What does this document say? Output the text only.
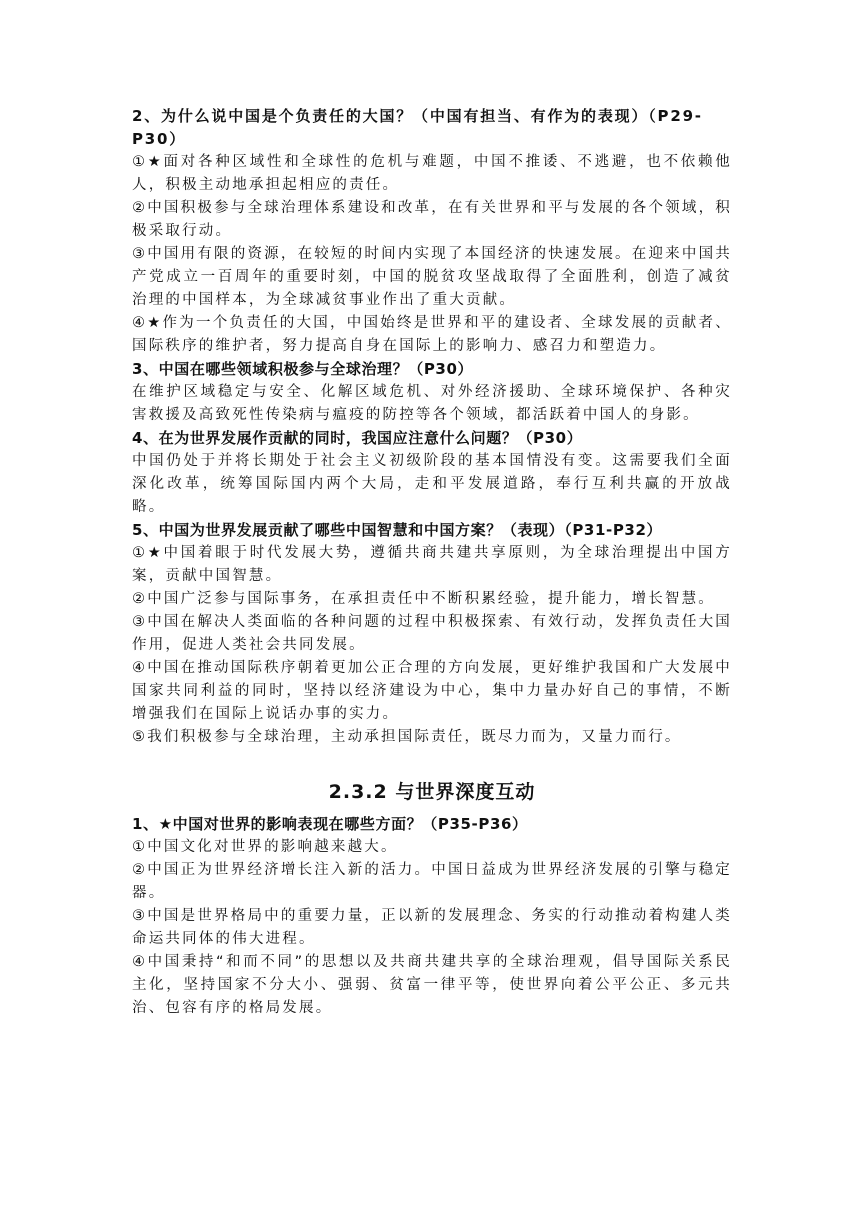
2、为什么说中国是个负责任的大国？（中国有担当、有作为的表现）（P29-P30）

①★面对各种区域性和全球性的危机与难题，中国不推诿、不逃避，也不依赖他人，积极主动地承担起相应的责任。

②中国积极参与全球治理体系建设和改革，在有关世界和平与发展的各个领域，积极采取行动。

③中国用有限的资源，在较短的时间内实现了本国经济的快速发展。在迎来中国共产党成立一百周年的重要时刻，中国的脱贫攻坚战取得了全面胜利，创造了减贫治理的中国样本，为全球减贫事业作出了重大贡献。

④★作为一个负责任的大国，中国始终是世界和平的建设者、全球发展的贡献者、国际秩序的维护者，努力提高自身在国际上的影响力、感召力和塑造力。

3、中国在哪些领域积极参与全球治理？（P30）

在维护区域稳定与安全、化解区域危机、对外经济援助、全球环境保护、各种灾害救援及高致死性传染病与瘟疫的防控等各个领域，都活跃着中国人的身影。

4、在为世界发展作贡献的同时，我国应注意什么问题？（P30）

中国仍处于并将长期处于社会主义初级阶段的基本国情没有变。这需要我们全面深化改革，统筹国际国内两个大局，走和平发展道路，奉行互利共赢的开放战略。

5、中国为世界发展贡献了哪些中国智慧和中国方案？（表现）（P31-P32）

①★中国着眼于时代发展大势，遵循共商共建共享原则，为全球治理提出中国方案，贡献中国智慧。

②中国广泛参与国际事务，在承担责任中不断积累经验，提升能力，增长智慧。

③中国在解决人类面临的各种问题的过程中积极探索、有效行动，发挥负责任大国作用，促进人类社会共同发展。

④中国在推动国际秩序朝着更加公正合理的方向发展，更好维护我国和广大发展中国家共同利益的同时，坚持以经济建设为中心，集中力量办好自己的事情，不断增强我们在国际上说话办事的实力。

⑤我们积极参与全球治理，主动承担国际责任，既尽力而为，又量力而行。

2.3.2 与世界深度互动

1、★中国对世界的影响表现在哪些方面？（P35-P36）

①中国文化对世界的影响越来越大。

②中国正为世界经济增长注入新的活力。中国日益成为世界经济发展的引擎与稳定器。

③中国是世界格局中的重要力量，正以新的发展理念、务实的行动推动着构建人类命运共同体的伟大进程。

④中国秉持“和而不同”的思想以及共商共建共享的全球治理观，倡导国际关系民主化，坚持国家不分大小、强弱、贫富一律平等，使世界向着公平公正、多元共治、包容有序的格局发展。
